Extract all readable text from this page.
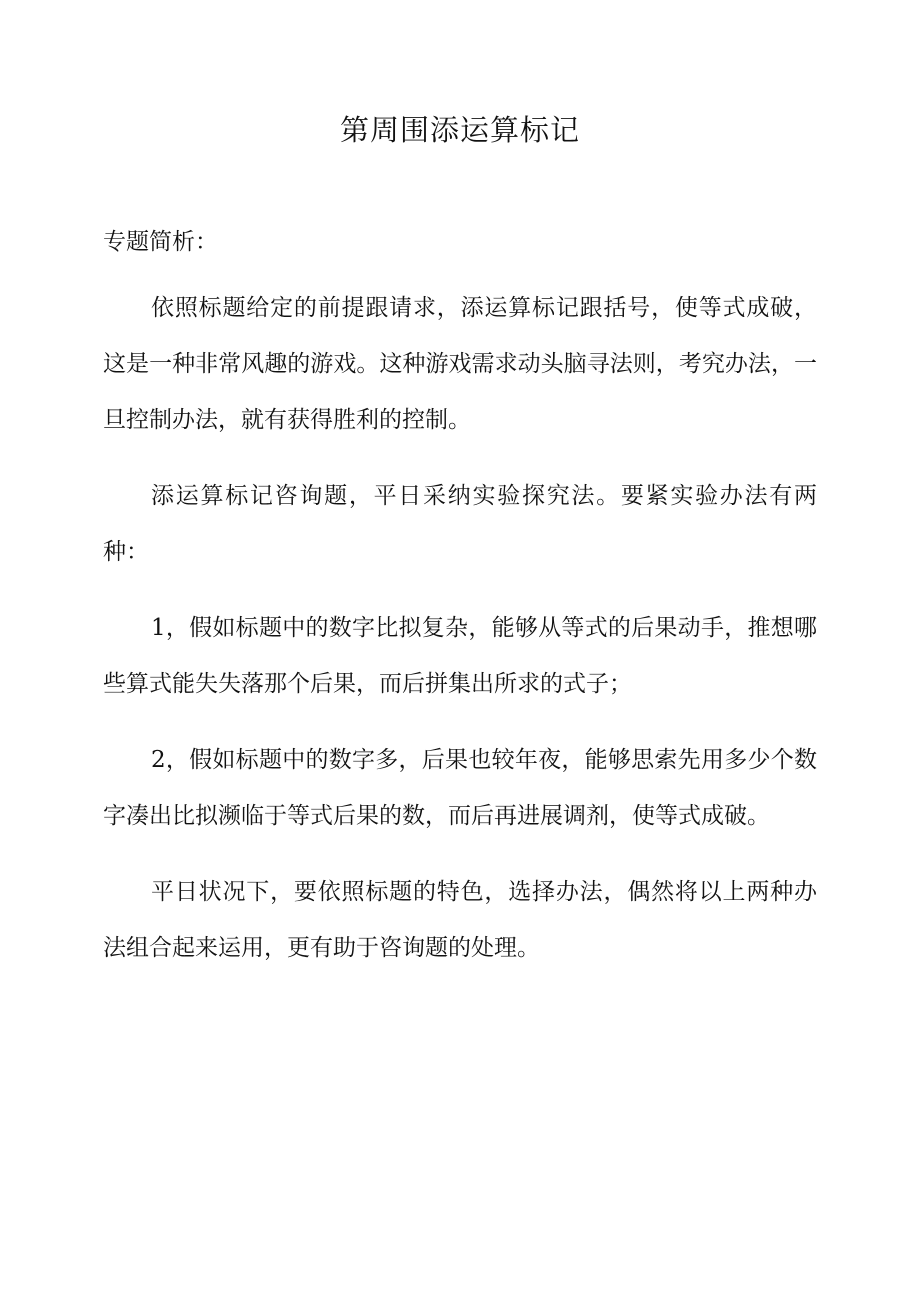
第周围添运算标记

专题简析：

依照标题给定的前提跟请求，添运算标记跟括号，使等式成破，这是一种非常风趣的游戏。这种游戏需求动头脑寻法则，考究办法，一旦控制办法，就有获得胜利的控制。

添运算标记咨询题，平日采纳实验探究法。要紧实验办法有两种：

1，假如标题中的数字比拟复杂，能够从等式的后果动手，推想哪些算式能失失落那个后果，而后拼集出所求的式子；

2，假如标题中的数字多，后果也较年夜，能够思索先用多少个数字凑出比拟濒临于等式后果的数，而后再进展调剂，使等式成破。

平日状况下，要依照标题的特色，选择办法，偶然将以上两种办法组合起来运用，更有助于咨询题的处理。
